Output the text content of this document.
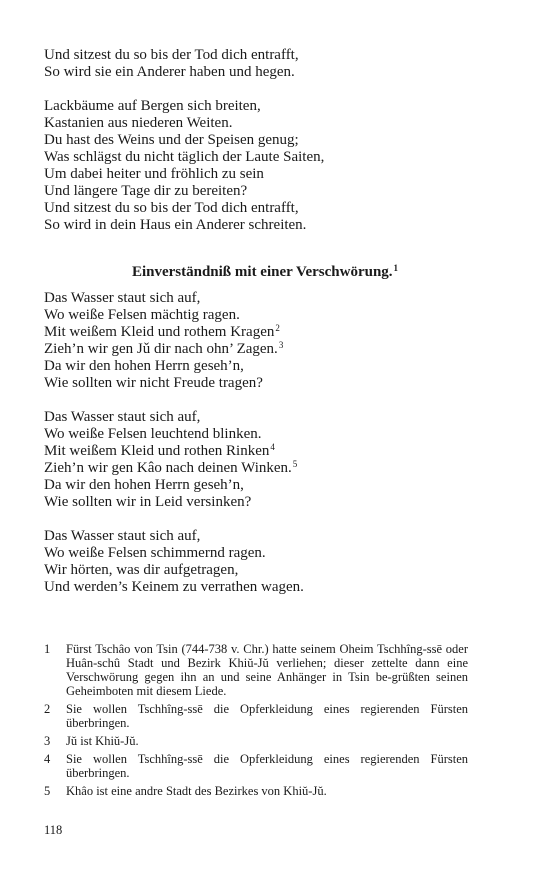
Und sitzest du so bis der Tod dich entrafft,
So wird sie ein Anderer haben und hegen.
Lackbäume auf Bergen sich breiten,
Kastanien aus niederen Weiten.
Du hast des Weins und der Speisen genug;
Was schlägst du nicht täglich der Laute Saiten,
Um dabei heiter und fröhlich zu sein
Und längere Tage dir zu bereiten?
Und sitzest du so bis der Tod dich entrafft,
So wird in dein Haus ein Anderer schreiten.
Einverständniß mit einer Verschwörung.$^1$
Das Wasser staut sich auf,
Wo weiße Felsen mächtig ragen.
Mit weißem Kleid und rothem Kragen$^2$
Zieh’n wir gen Jǔ dir nach ohn’ Zagen.$^3$
Da wir den hohen Herrn geseh’n,
Wie sollten wir nicht Freude tragen?
Das Wasser staut sich auf,
Wo weiße Felsen leuchtend blinken.
Mit weißem Kleid und rothen Rinken$^4$
Zieh’n wir gen Kâo nach deinen Winken.$^5$
Da wir den hohen Herrn geseh’n,
Wie sollten wir in Leid versinken?
Das Wasser staut sich auf,
Wo weiße Felsen schimmernd ragen.
Wir hörten, was dir aufgetragen,
Und werden’s Keinem zu verrathen wagen.
1	Fürst Tschâo von Tsin (744-738 v. Chr.) hatte seinem Oheim Tschhîng-ssē oder Huân-schû Stadt und Bezirk Khiŭ-Jŭ verliehen; dieser zettelte dann eine Verschwörung gegen ihn an und seine Anhänger in Tsin be-grüßten seinen Geheimboten mit diesem Liede.
2	Sie wollen Tschhîng-ssē die Opferkleidung eines regierenden Fürsten überbringen.
3	Jŭ ist Khiŭ-Jŭ.
4	Sie wollen Tschhîng-ssē die Opferkleidung eines regierenden Fürsten überbringen.
5	Khâo ist eine andre Stadt des Bezirkes von Khiŭ-Jŭ.
118
